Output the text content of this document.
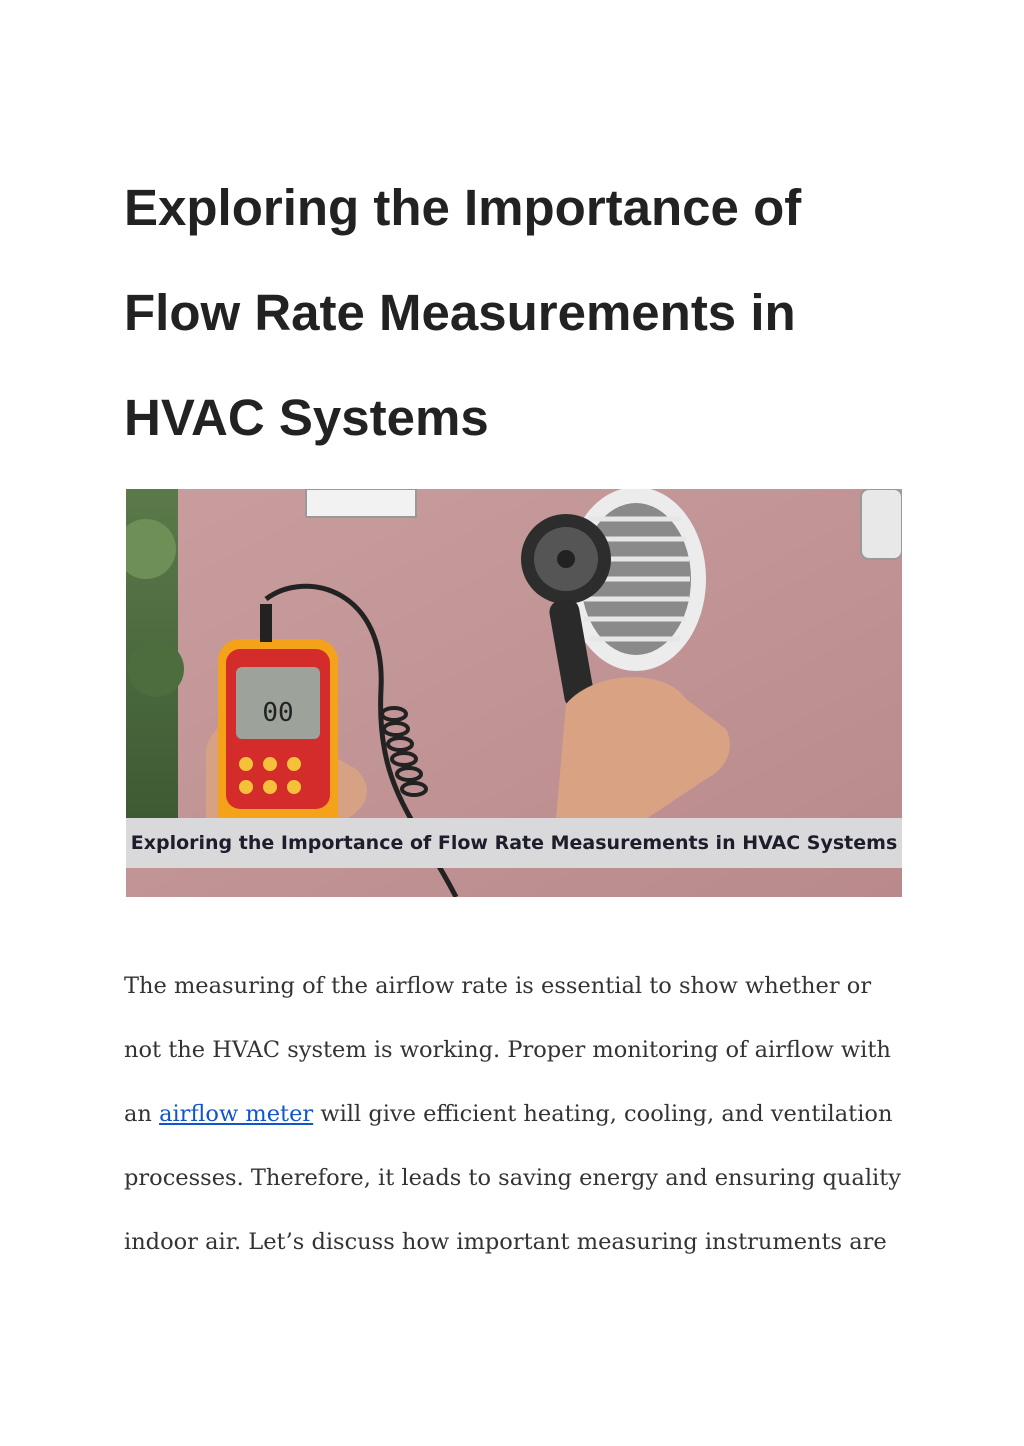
Exploring the Importance of
Flow Rate Measurements in
HVAC Systems
00
Exploring the Importance of Flow Rate Measurements in HVAC Systems

The measuring of the airflow rate is essential to show whether or
not the HVAC system is working. Proper monitoring of airflow with
an airflow meter will give efficient heating, cooling, and ventilation
processes. Therefore, it leads to saving energy and ensuring quality
indoor air. Let’s discuss how important measuring instruments are
